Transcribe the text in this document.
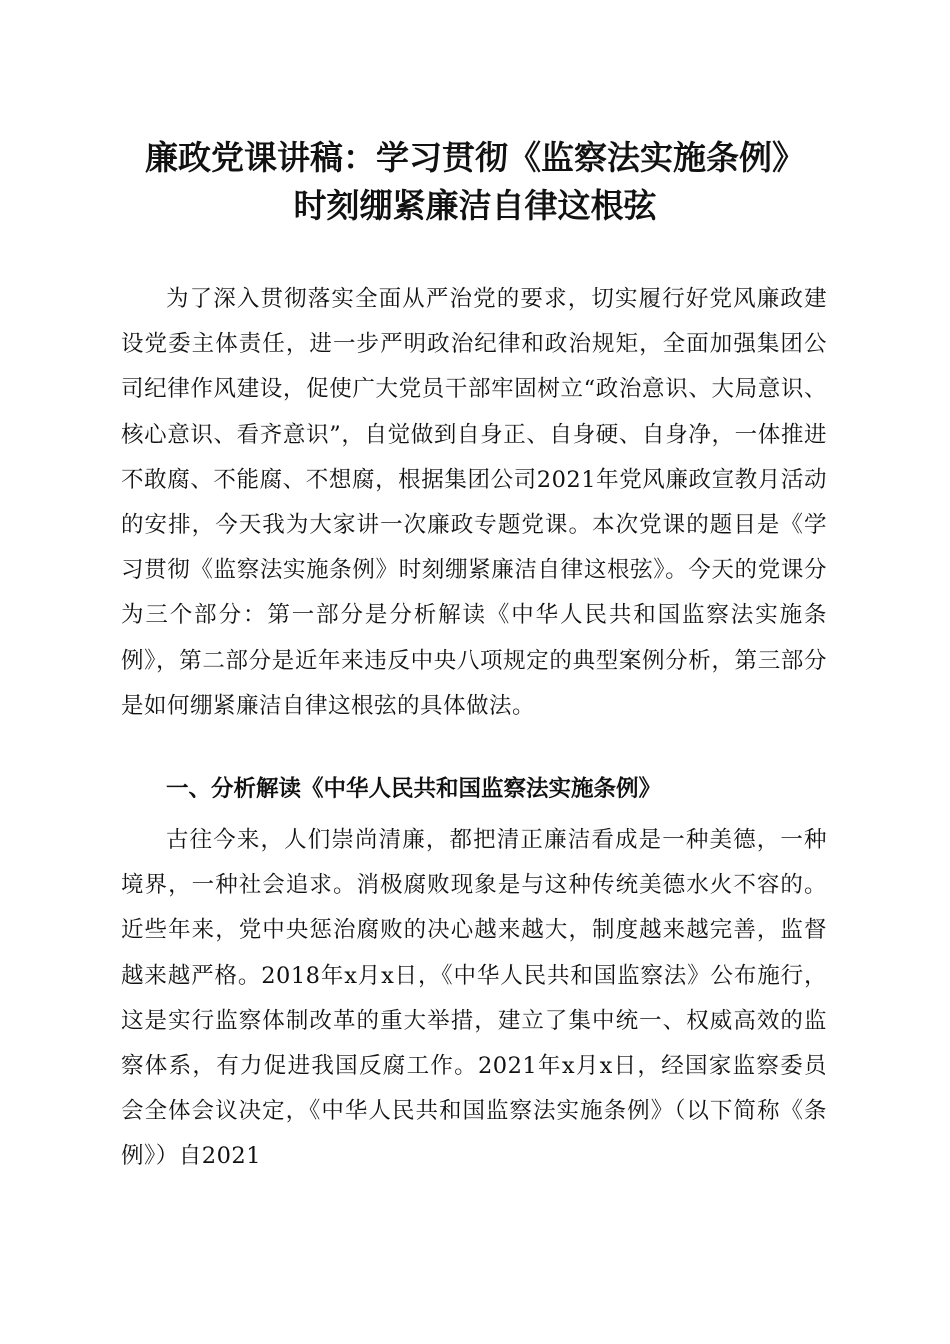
廉政党课讲稿：学习贯彻《监察法实施条例》
时刻绷紧廉洁自律这根弦
为了深入贯彻落实全面从严治党的要求，切实履行好党风廉政建设党委主体责任，进一步严明政治纪律和政治规矩，全面加强集团公司纪律作风建设，促使广大党员干部牢固树立“政治意识、大局意识、核心意识、看齐意识”，自觉做到自身正、自身硬、自身净，一体推进不敢腐、不能腐、不想腐，根据集团公司2021年党风廉政宣教月活动的安排，今天我为大家讲一次廉政专题党课。本次党课的题目是《学习贯彻《监察法实施条例》时刻绷紧廉洁自律这根弦》。今天的党课分为三个部分：第一部分是分析解读《中华人民共和国监察法实施条例》，第二部分是近年来违反中央八项规定的典型案例分析，第三部分是如何绷紧廉洁自律这根弦的具体做法。
一、分析解读《中华人民共和国监察法实施条例》
古往今来，人们崇尚清廉，都把清正廉洁看成是一种美德，一种境界，一种社会追求。消极腐败现象是与这种传统美德水火不容的。近些年来，党中央惩治腐败的决心越来越大，制度越来越完善，监督越来越严格。2018年x月x日，《中华人民共和国监察法》公布施行，这是实行监察体制改革的重大举措，建立了集中统一、权威高效的监察体系，有力促进我国反腐工作。2021年x月x日，经国家监察委员会全体会议决定，《中华人民共和国监察法实施条例》（以下简称《条例》）自2021
